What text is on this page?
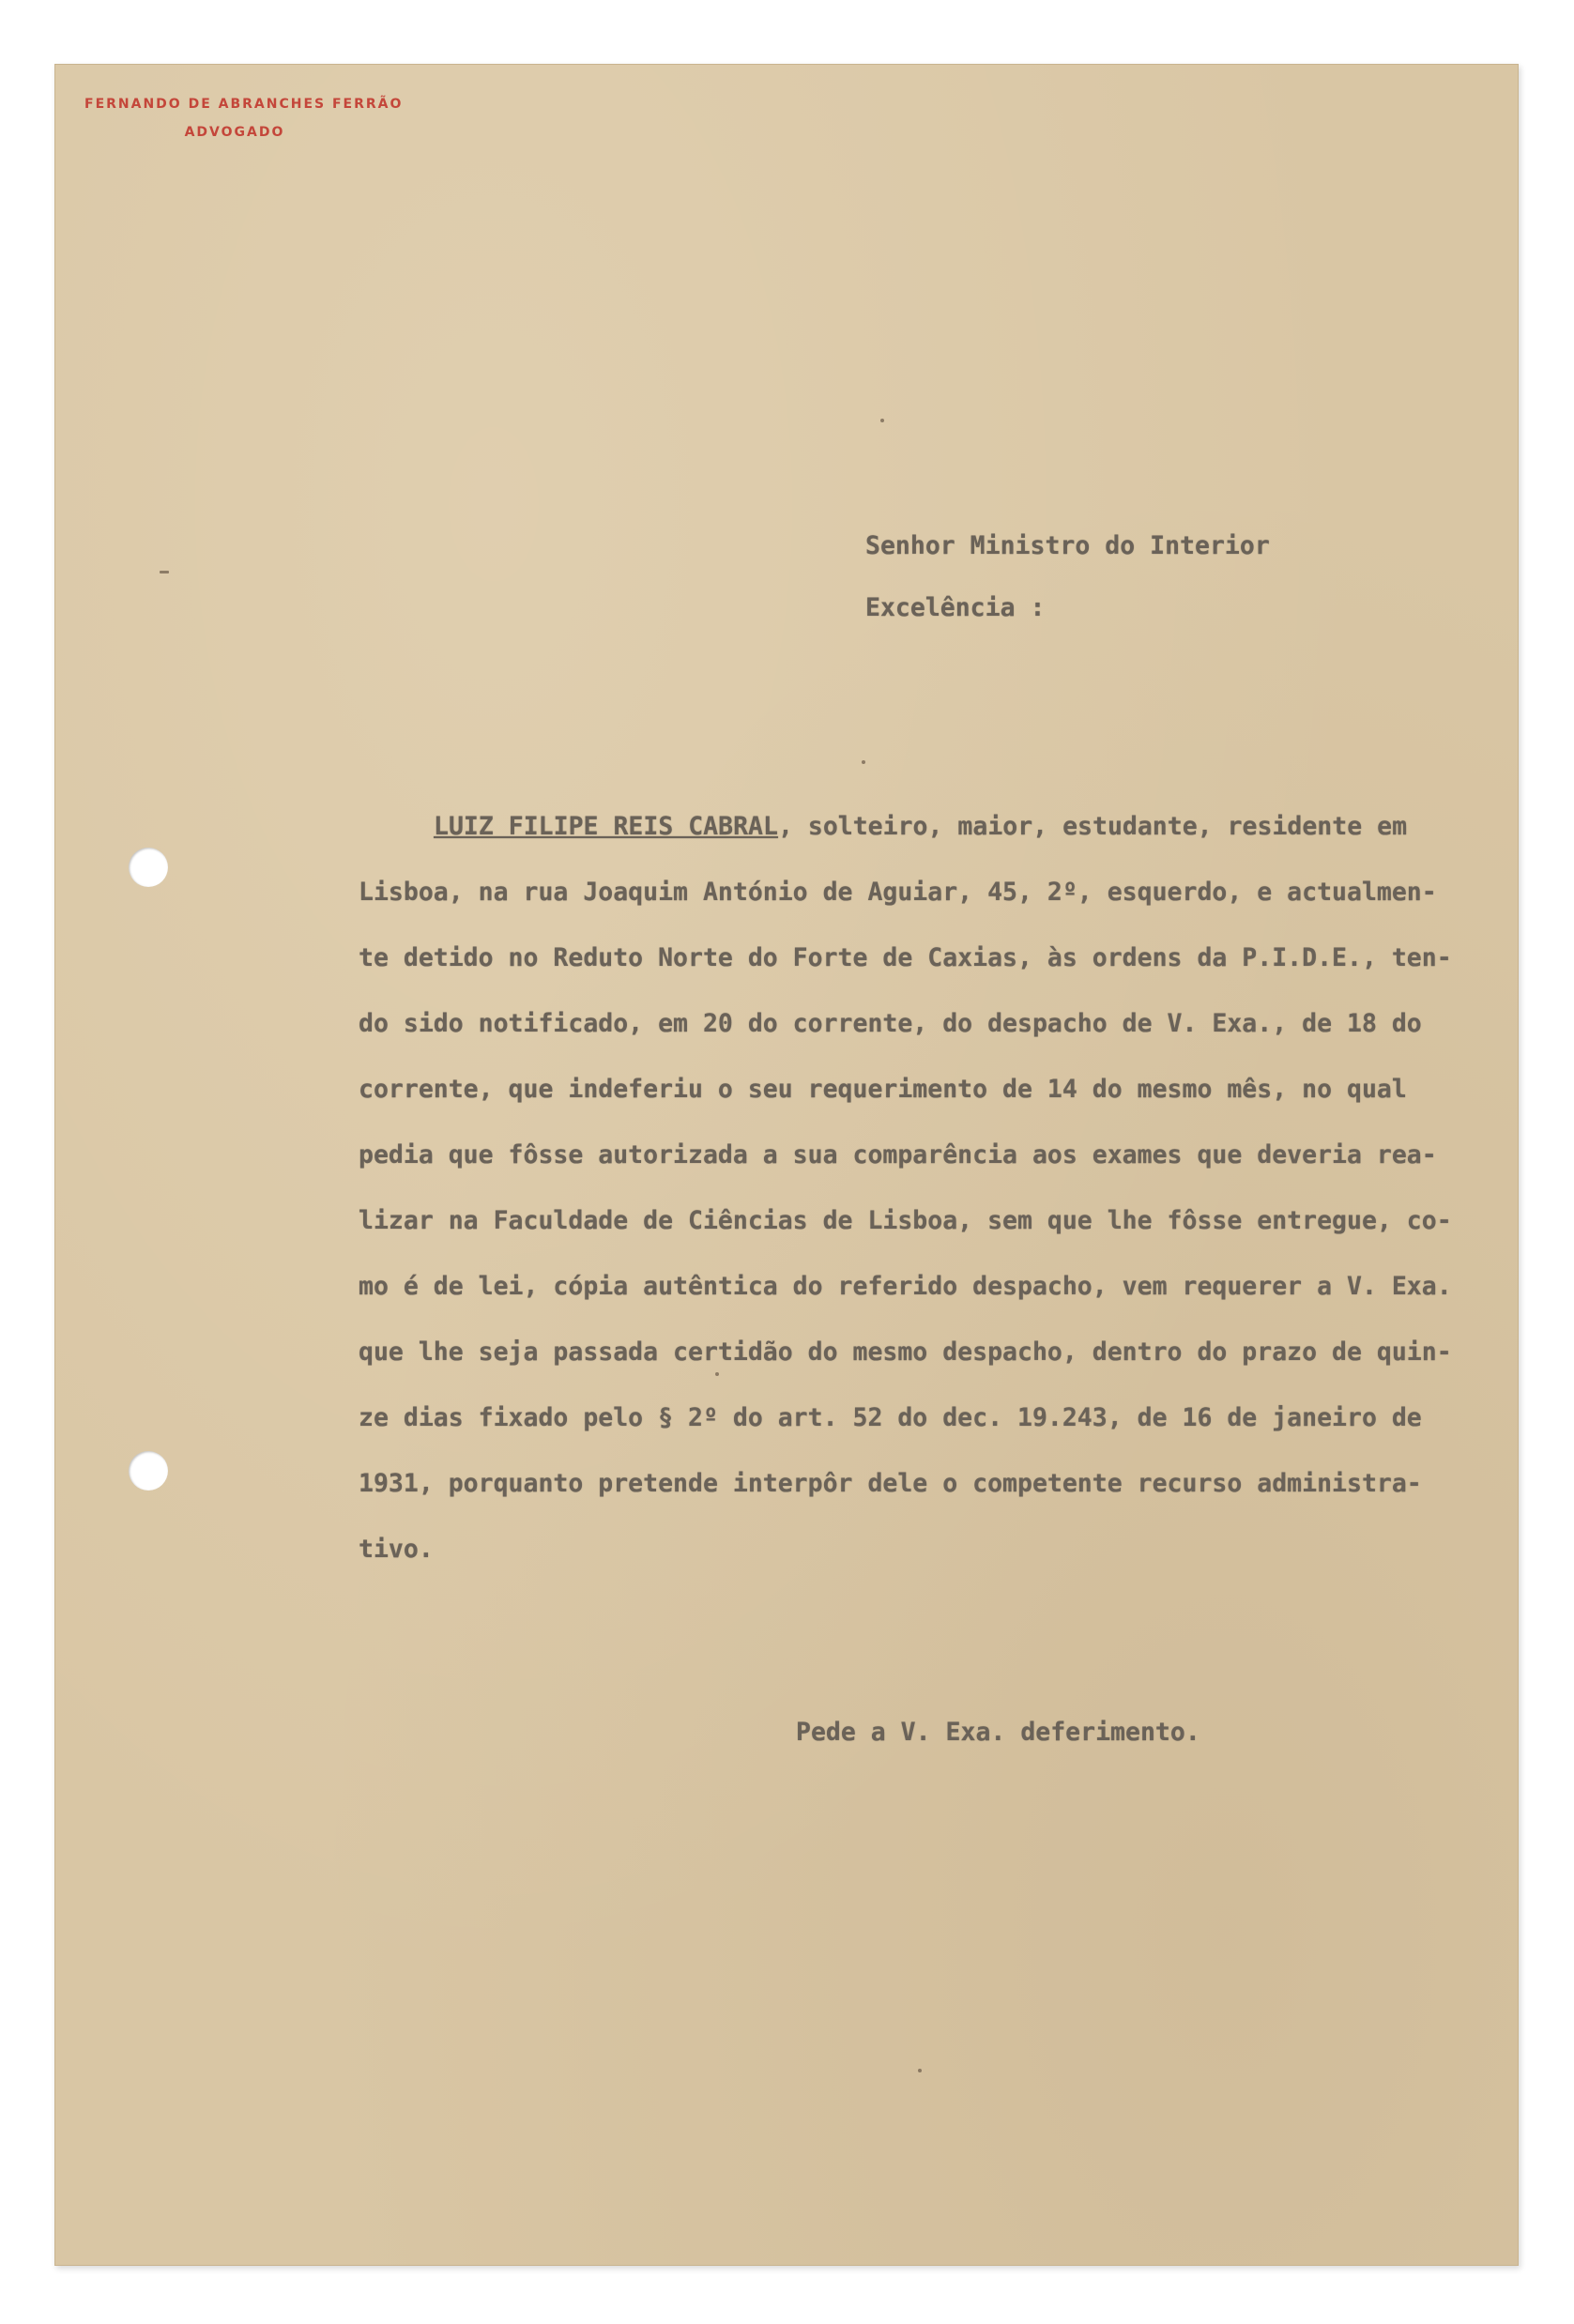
FERNANDO DE ABRANCHES FERRÃO
ADVOGADO
Senhor Ministro do Interior
Excelência :
LUIZ FILIPE REIS CABRAL, solteiro, maior, estudante, residente em
Lisboa, na rua Joaquim António de Aguiar, 45, 2º, esquerdo, e actualmen-
te detido no Reduto Norte do Forte de Caxias, às ordens da P.I.D.E., ten-
do sido notificado, em 20 do corrente, do despacho de V. Exa., de 18 do
corrente, que indeferiu o seu requerimento de 14 do mesmo mês, no qual
pedia que fôsse autorizada a sua comparência aos exames que deveria rea-
lizar na Faculdade de Ciências de Lisboa, sem que lhe fôsse entregue, co-
mo é de lei, cópia autêntica do referido despacho, vem requerer a V. Exa.
que lhe seja passada certidão do mesmo despacho, dentro do prazo de quin-
ze dias fixado pelo § 2º do art. 52 do dec. 19.243, de 16 de janeiro de
1931, porquanto pretende interpôr dele o competente recurso administra-
tivo.
Pede a V. Exa. deferimento.
